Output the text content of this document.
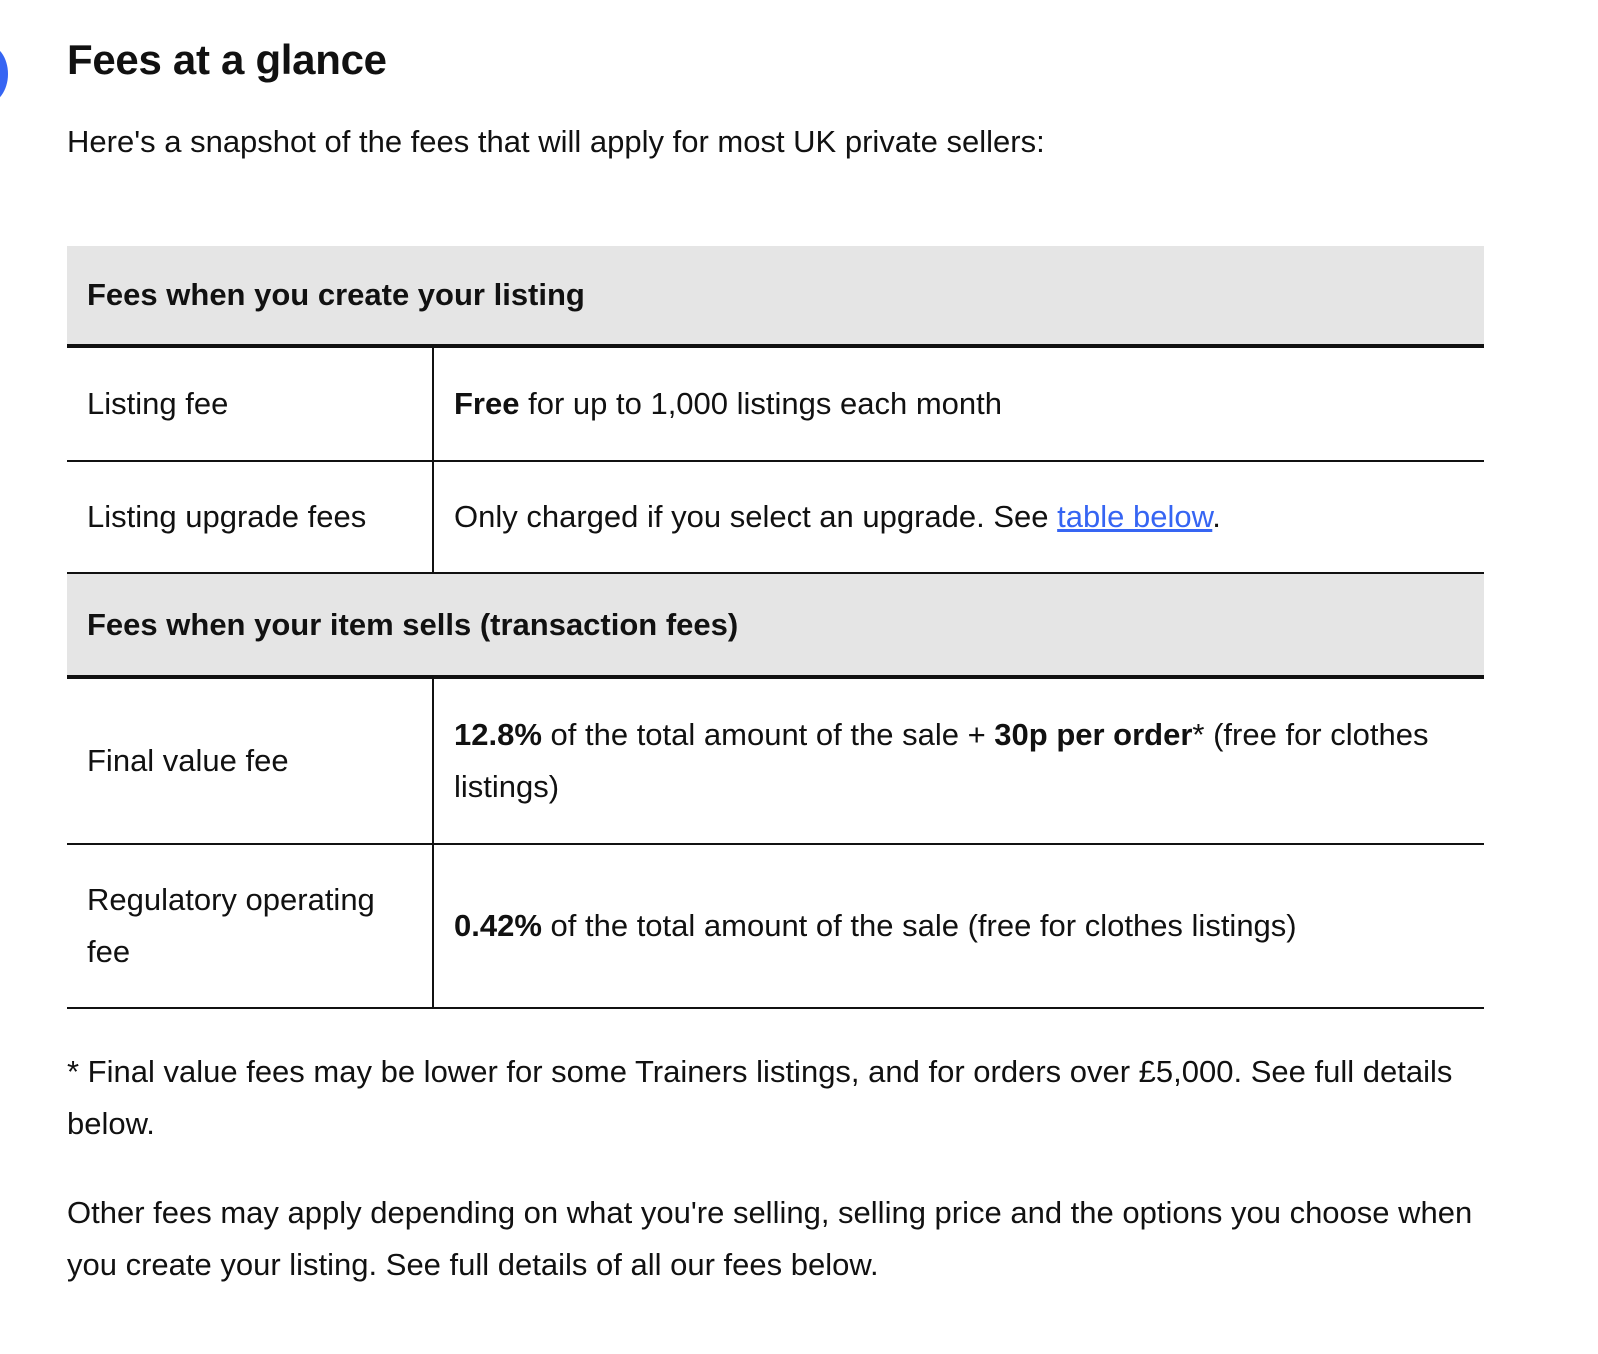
Fees at a glance

Here's a snapshot of the fees that will apply for most UK private sellers:

Fees when you create your listing	
Listing fee	Free for up to 1,000 listings each month
Listing upgrade fees	Only charged if you select an upgrade. See table below.
Fees when your item sells (transaction fees)	
Final value fee	12.8% of the total amount of the sale + 30p per order* (free for clothes listings)
Regulatory operating fee	0.42% of the total amount of the sale (free for clothes listings)

* Final value fees may be lower for some Trainers listings, and for orders over £5,000. See full details below.

Other fees may apply depending on what you're selling, selling price and the options you choose when you create your listing. See full details of all our fees below.
